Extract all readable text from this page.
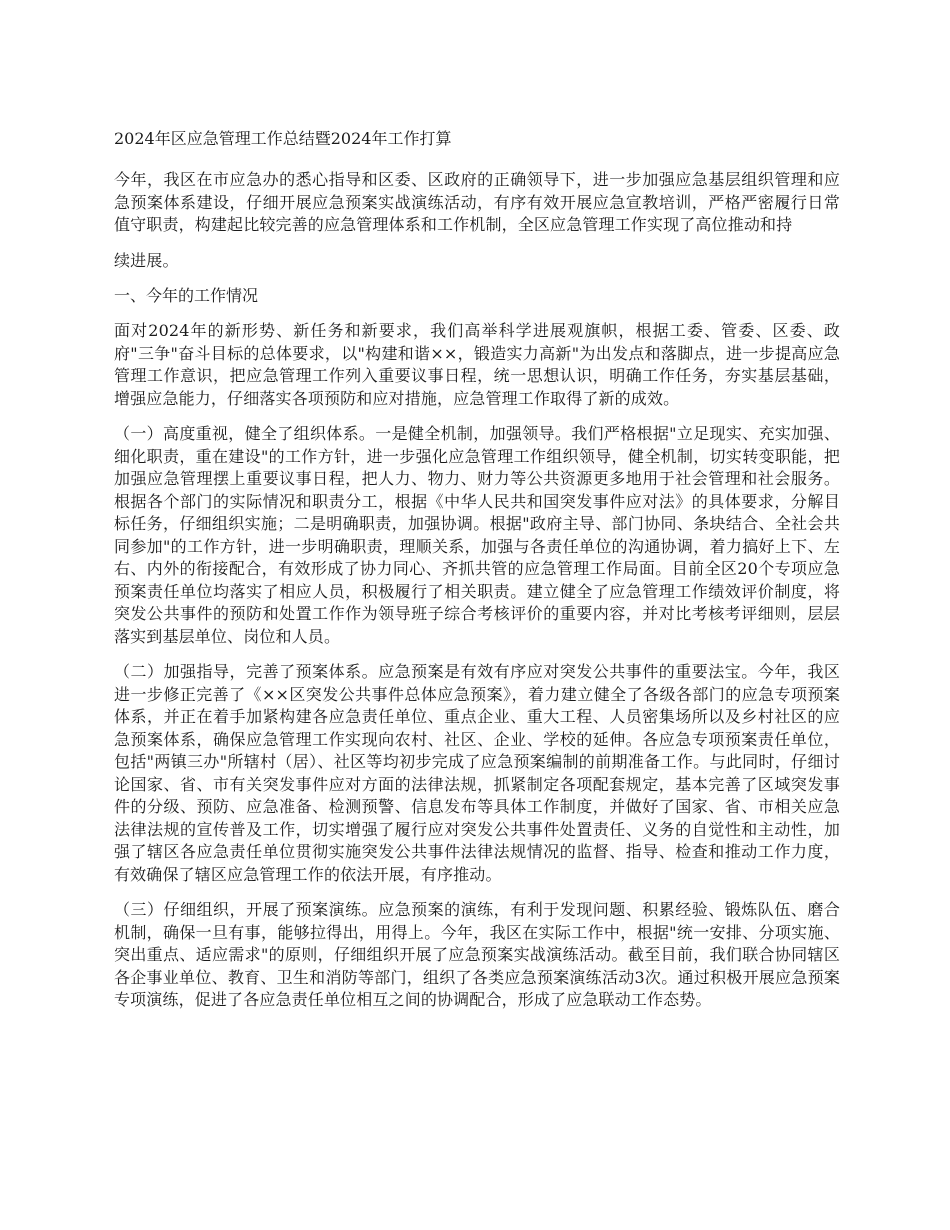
2024年区应急管理工作总结暨2024年工作打算

今年，我区在市应急办的悉心指导和区委、区政府的正确领导下，进一步加强应急基层组织管理和应急预案体系建设，仔细开展应急预案实战演练活动，有序有效开展应急宣教培训，严格严密履行日常值守职责，构建起比较完善的应急管理体系和工作机制，全区应急管理工作实现了高位推动和持

续进展。

一、今年的工作情况

面对2024年的新形势、新任务和新要求，我们高举科学进展观旗帜，根据工委、管委、区委、政府"三争"奋斗目标的总体要求，以"构建和谐××，锻造实力高新"为出发点和落脚点，进一步提高应急管理工作意识，把应急管理工作列入重要议事日程，统一思想认识，明确工作任务，夯实基层基础，增强应急能力，仔细落实各项预防和应对措施，应急管理工作取得了新的成效。

（一）高度重视，健全了组织体系。一是健全机制，加强领导。我们严格根据"立足现实、充实加强、细化职责，重在建设"的工作方针，进一步强化应急管理工作组织领导，健全机制，切实转变职能，把加强应急管理摆上重要议事日程，把人力、物力、财力等公共资源更多地用于社会管理和社会服务。根据各个部门的实际情况和职责分工，根据《中华人民共和国突发事件应对法》的具体要求，分解目标任务，仔细组织实施；二是明确职责，加强协调。根据"政府主导、部门协同、条块结合、全社会共同参加"的工作方针，进一步明确职责，理顺关系，加强与各责任单位的沟通协调，着力搞好上下、左右、内外的衔接配合，有效形成了协力同心、齐抓共管的应急管理工作局面。目前全区20个专项应急预案责任单位均落实了相应人员，积极履行了相关职责。建立健全了应急管理工作绩效评价制度，将突发公共事件的预防和处置工作作为领导班子综合考核评价的重要内容，并对比考核考评细则，层层落实到基层单位、岗位和人员。

（二）加强指导，完善了预案体系。应急预案是有效有序应对突发公共事件的重要法宝。今年，我区进一步修正完善了《××区突发公共事件总体应急预案》，着力建立健全了各级各部门的应急专项预案体系，并正在着手加紧构建各应急责任单位、重点企业、重大工程、人员密集场所以及乡村社区的应急预案体系，确保应急管理工作实现向农村、社区、企业、学校的延伸。各应急专项预案责任单位，包括"两镇三办"所辖村（居）、社区等均初步完成了应急预案编制的前期准备工作。与此同时，仔细讨论国家、省、市有关突发事件应对方面的法律法规，抓紧制定各项配套规定，基本完善了区域突发事件的分级、预防、应急准备、检测预警、信息发布等具体工作制度，并做好了国家、省、市相关应急法律法规的宣传普及工作，切实增强了履行应对突发公共事件处置责任、义务的自觉性和主动性，加强了辖区各应急责任单位贯彻实施突发公共事件法律法规情况的监督、指导、检查和推动工作力度，有效确保了辖区应急管理工作的依法开展，有序推动。

（三）仔细组织，开展了预案演练。应急预案的演练，有利于发现问题、积累经验、锻炼队伍、磨合机制，确保一旦有事，能够拉得出，用得上。今年，我区在实际工作中，根据"统一安排、分项实施、突出重点、适应需求"的原则，仔细组织开展了应急预案实战演练活动。截至目前，我们联合协同辖区各企事业单位、教育、卫生和消防等部门，组织了各类应急预案演练活动3次。通过积极开展应急预案专项演练，促进了各应急责任单位相互之间的协调配合，形成了应急联动工作态势。
